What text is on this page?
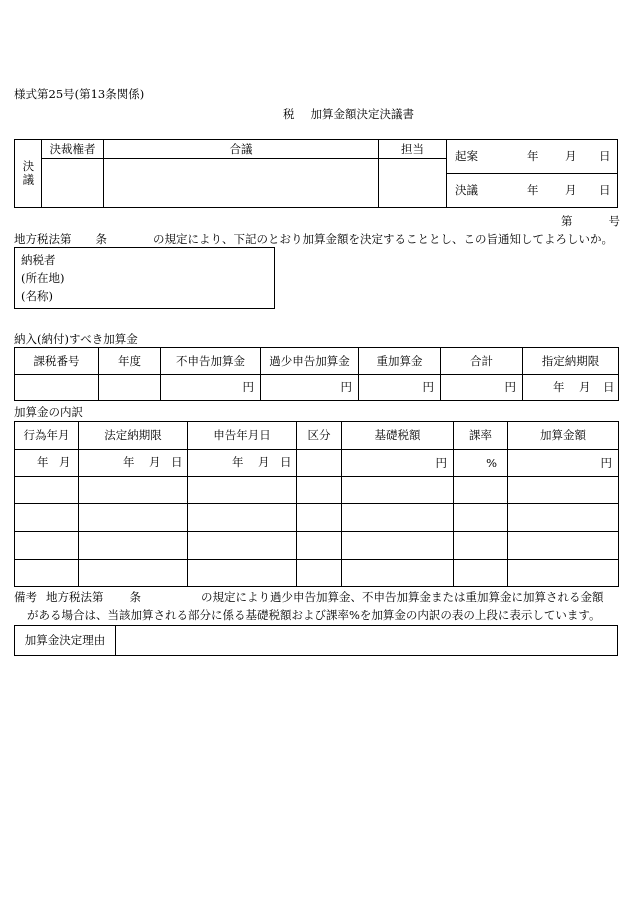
様式第25号(第13条関係)
税 加算金額決定決議書
決議	決裁権者	合議	担当

起案	年 月 日

決議	年 月 日
第	号
地方税法第 条	の規定により、下記のとおり加算金額を決定することとし、この旨通知してよろしいか。
納税者
(所在地)
(名称)
納入(納付)すべき加算金
課税番号	年度	不申告加算金	過少申告加算金	重加算金	合計	指定納期限
		円	円	円	円	年 月 日
加算金の内訳
行為年月	法定納期限	申告年月日	区分	基礎税額	課率	加算金額

年 月	年 月 日	年 月 日		円	%	円

備考 地方税法第 条	の規定により過少申告加算金、不申告加算金または重加算金に加算される金額
がある場合は、当該加算される部分に係る基礎税額および課率%を加算金の内訳の表の上段に表示しています。
加算金決定理由	
